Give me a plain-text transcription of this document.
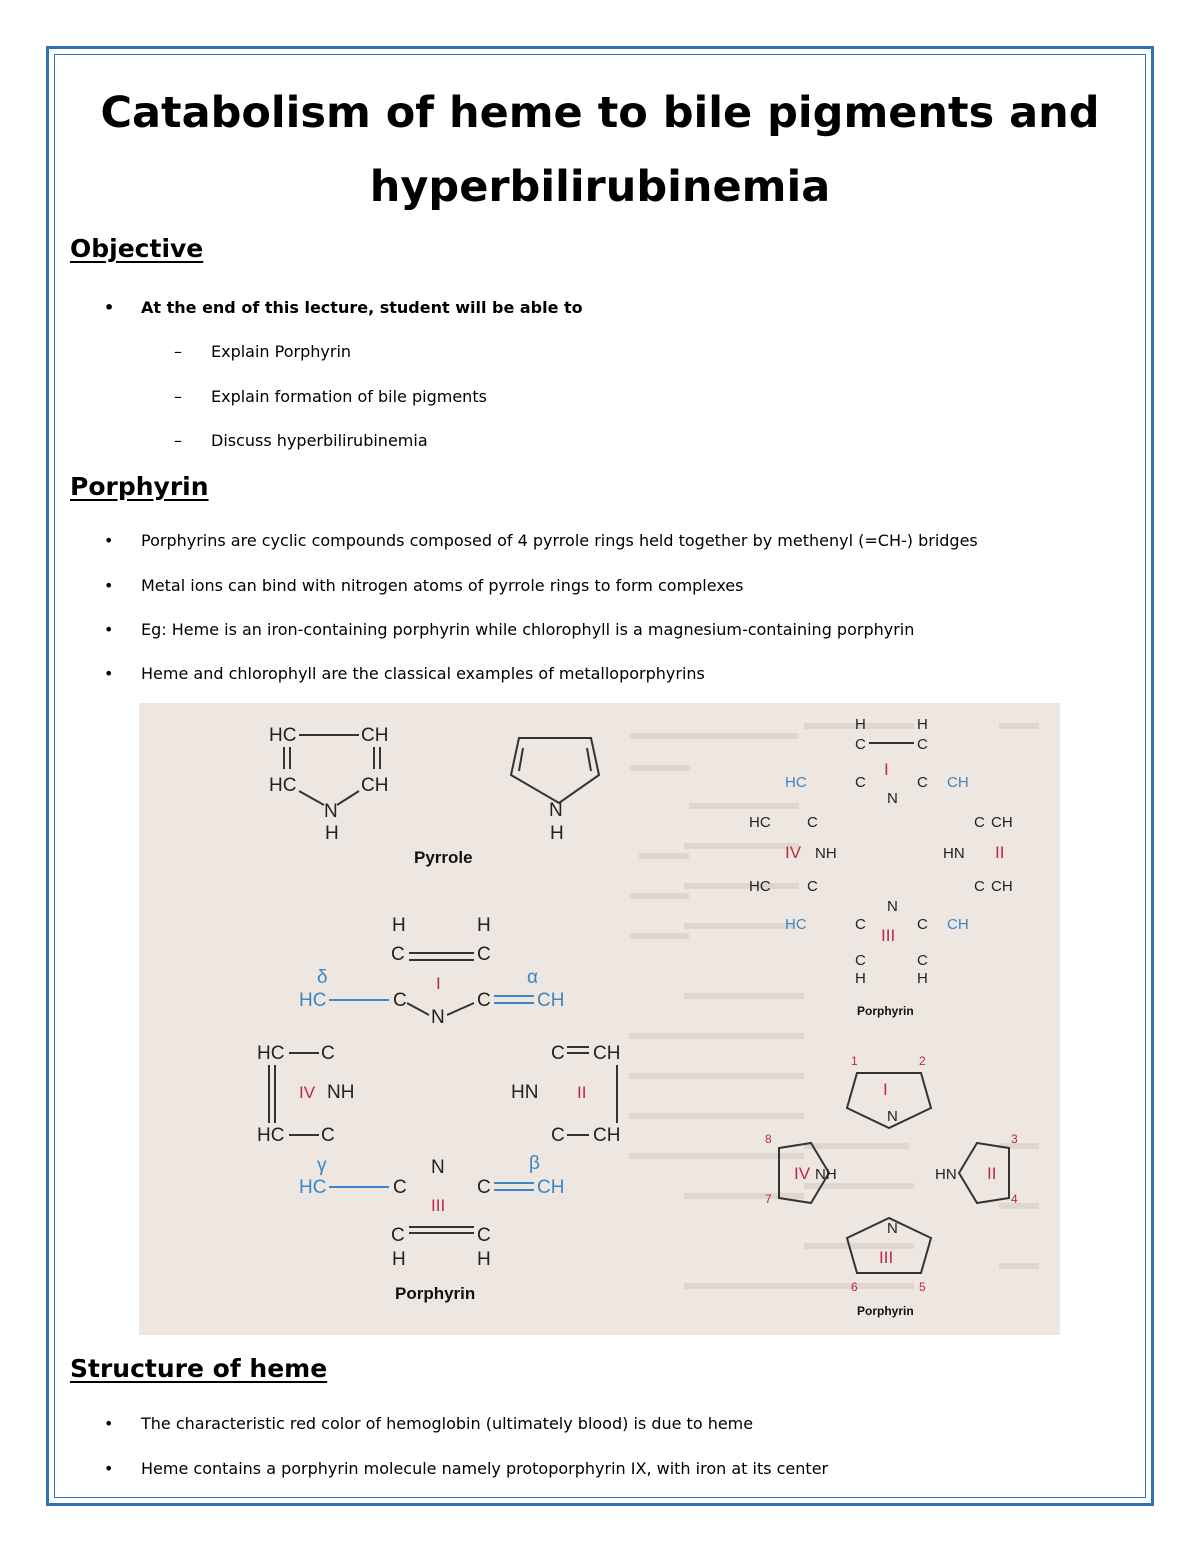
Catabolism of heme to bile pigments and
hyperbilirubinemia
Objective
• At the end of this lecture, student will be able to
– Explain Porphyrin
– Explain formation of bile pigments
– Discuss hyperbilirubinemia
Porphyrin
• Porphyrins are cyclic compounds composed of 4 pyrrole rings held together by methenyl (=CH-) bridges
• Metal ions can bind with nitrogen atoms of pyrrole rings to form complexes
• Eg: Heme is an iron-containing porphyrin while chlorophyll is a magnesium-containing porphyrin
• Heme and chlorophyll are the classical examples of metalloporphyrins
HC	CH
HC	CH
N
H
N
H
Pyrrole
H	H
C	C
I
HC	C
N
C CH
δ	α
HC C
IV NH
HC C
C CH
HN II
C CH
HC
γ
C
N
C CH
β
III
C	C
H	H
Porphyrin
H	H
C	C
I
HC	C
N
C CH
HC C
IV NH
HC C
C CH
HN II
C CH
HC	C
N
C CH
III
C	C
H	H
Porphyrin
I
N
IV NH	HN II
N
III
1	2
3
4
5
6
7
8
Porphyrin
Structure of heme
• The characteristic red color of hemoglobin (ultimately blood) is due to heme
• Heme contains a porphyrin molecule namely protoporphyrin IX, with iron at its center
